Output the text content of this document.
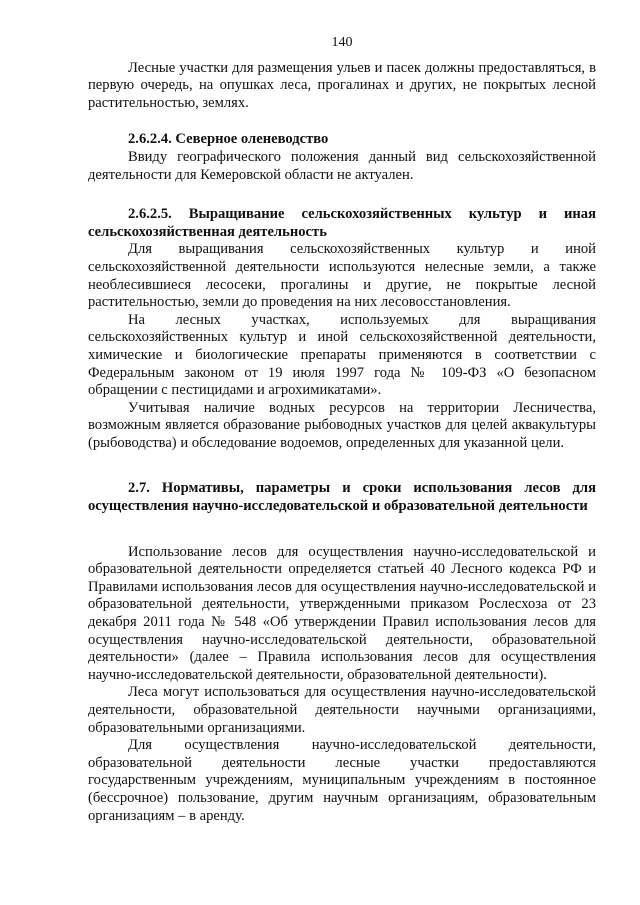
140

Лесные участки для размещения ульев и пасек должны предоставляться, в первую очередь, на опушках леса, прогалинах и других, не покрытых лесной растительностью, землях.

2.6.2.4. Северное оленеводство

Ввиду географического положения данный вид сельскохозяйственной деятельности для Кемеровской области не актуален.

2.6.2.5. Выращивание сельскохозяйственных культур и иная сельскохозяйственная деятельность

Для выращивания сельскохозяйственных культур и иной сельскохозяйственной деятельности используются нелесные земли, а также необлесившиеся лесосеки, прогалины и другие, не покрытые лесной растительностью, земли до проведения на них лесовосстановления.

На лесных участках, используемых для выращивания сельскохозяйственных культур и иной сельскохозяйственной деятельности, химические и биологические препараты применяются в соответствии с Федеральным законом от 19 июля 1997 года № 109-ФЗ «О безопасном обращении с пестицидами и агрохимикатами».

Учитывая наличие водных ресурсов на территории Лесничества, возможным является образование рыбоводных участков для целей аквакультуры (рыбоводства) и обследование водоемов, определенных для указанной цели.

2.7. Нормативы, параметры и сроки использования лесов для осуществления научно-исследовательской и образовательной деятельности

Использование лесов для осуществления научно-исследовательской и образовательной деятельности определяется статьей 40 Лесного кодекса РФ и Правилами использования лесов для осуществления научно-исследовательской и образовательной деятельности, утвержденными приказом Рослесхоза от 23 декабря 2011 года № 548 «Об утверждении Правил использования лесов для осуществления научно-исследовательской деятельности, образовательной деятельности» (далее – Правила использования лесов для осуществления научно-исследовательской деятельности, образовательной деятельности).

Леса могут использоваться для осуществления научно-исследовательской деятельности, образовательной деятельности научными организациями, образовательными организациями.

Для осуществления научно-исследовательской деятельности, образовательной деятельности лесные участки предоставляются государственным учреждениям, муниципальным учреждениям в постоянное (бессрочное) пользование, другим научным организациям, образовательным организациям – в аренду.
